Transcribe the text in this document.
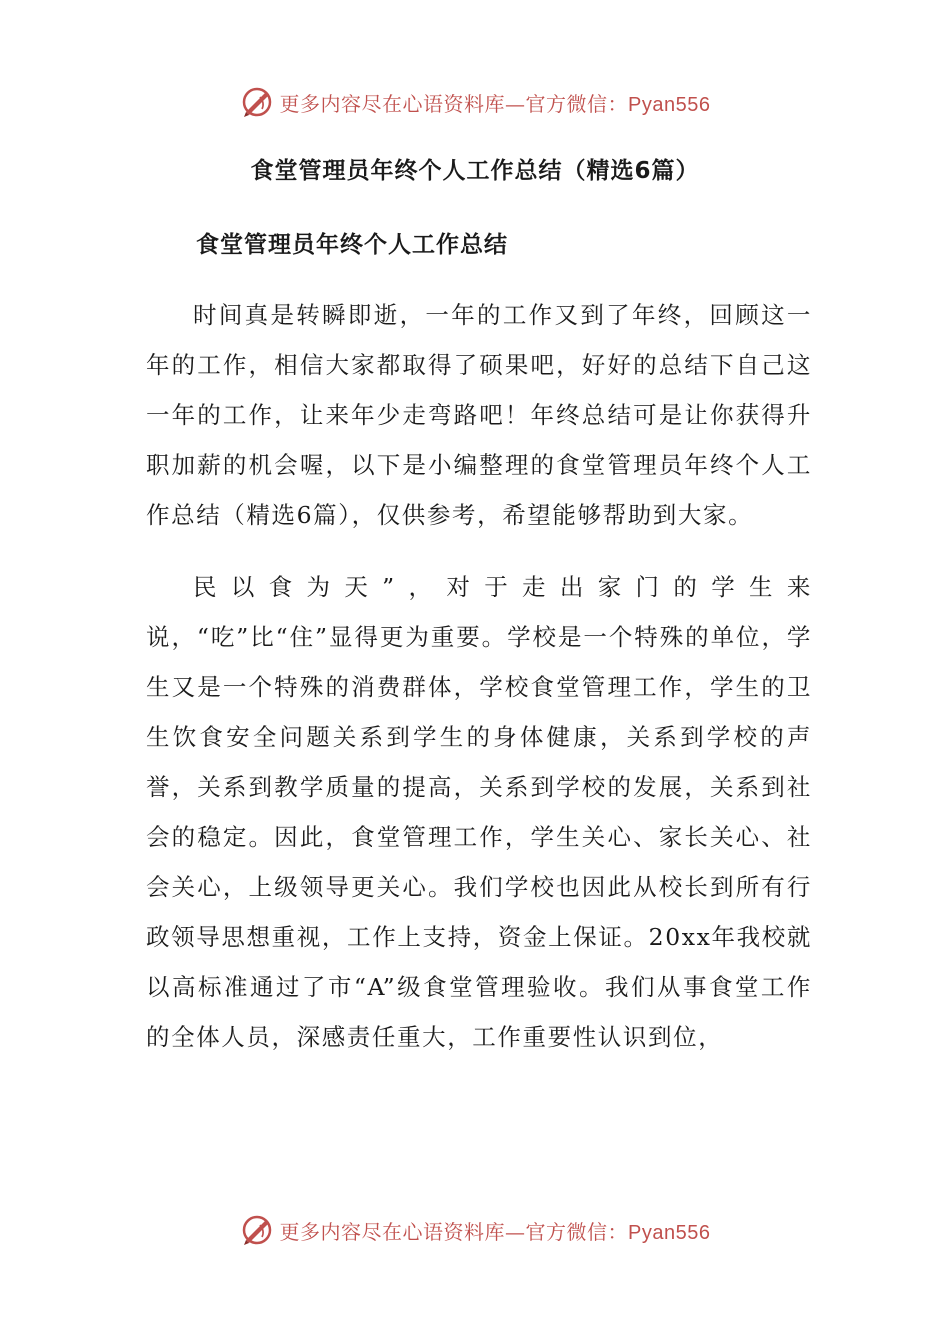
更多内容尽在心语资料库—官方微信：Pyan556
食堂管理员年终个人工作总结（精选6篇）
食堂管理员年终个人工作总结

时间真是转瞬即逝，一年的工作又到了年终，回顾这一年的工作，相信大家都取得了硕果吧，好好的总结下自己这一年的工作，让来年少走弯路吧！年终总结可是让你获得升职加薪的机会喔，以下是小编整理的食堂管理员年终个人工作总结（精选6篇），仅供参考，希望能够帮助到大家。

民以食为天”，对于走出家门的学生来说，“吃”比“住”显得更为重要。学校是一个特殊的单位，学生又是一个特殊的消费群体，学校食堂管理工作，学生的卫生饮食安全问题关系到学生的身体健康，关系到学校的声誉，关系到教学质量的提高，关系到学校的发展，关系到社会的稳定。因此，食堂管理工作，学生关心、家长关心、社会关心，上级领导更关心。我们学校也因此从校长到所有行政领导思想重视，工作上支持，资金上保证。20xx年我校就以高标准通过了市“A”级食堂管理验收。我们从事食堂工作的全体人员，深感责任重大，工作重要性认识到位，

更多内容尽在心语资料库—官方微信：Pyan556
